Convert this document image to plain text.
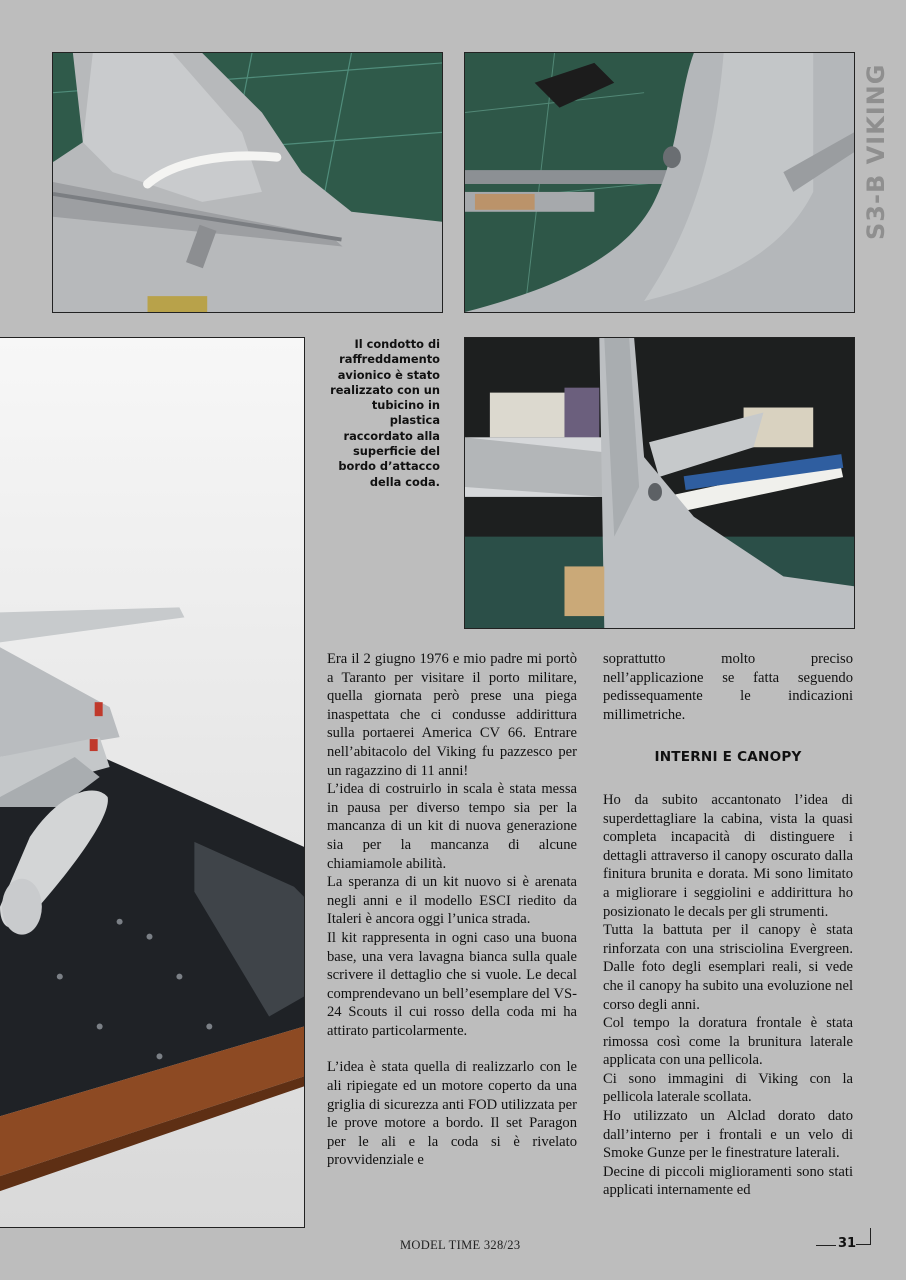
S3-B VIKING
Il condotto di raffreddamento avionico è stato realizzato con un tubicino in plastica raccordato alla superficie del bordo d’attacco della coda.

Era il 2 giugno 1976 e mio padre mi portò a Taranto per visitare il porto militare, quella giornata però prese una piega inaspettata che ci condusse addirittura sulla portaerei America CV 66. Entrare nell’abitacolo del Viking fu pazzesco per un ragazzino di 11 anni!

L’idea di costruirlo in scala è stata messa in pausa per diverso tempo sia per la mancanza di un kit di nuova generazione sia per la mancanza di alcune chiamiamole abilità.

La speranza di un kit nuovo si è arenata negli anni e il modello ESCI riedito da Italeri è ancora oggi l’unica strada.

Il kit rappresenta in ogni caso una buona base, una vera lavagna bianca sulla quale scrivere il dettaglio che si vuole. Le decal comprendevano un bell’esemplare del VS-24 Scouts il cui rosso della coda mi ha attirato particolarmente.

L’idea è stata quella di realizzarlo con le ali ripiegate ed un motore coperto da una griglia di sicurezza anti FOD utilizzata per le prove motore a bordo. Il set Paragon per le ali e la coda si è rivelato provvidenziale e

soprattutto molto preciso nell’applicazione se fatta seguendo pedissequamente le indicazioni millimetriche.

INTERNI E CANOPY

Ho da subito accantonato l’idea di superdettagliare la cabina, vista la quasi completa incapacità di distinguere i dettagli attraverso il canopy oscurato dalla finitura brunita e dorata. Mi sono limitato a migliorare i seggiolini e addirittura ho posizionato le decals per gli strumenti.

Tutta la battuta per il canopy è stata rinforzata con una strisciolina Evergreen. Dalle foto degli esemplari reali, si vede che il canopy ha subito una evoluzione nel corso degli anni.

Col tempo la doratura frontale è stata rimossa così come la brunitura laterale applicata con una pellicola.

Ci sono immagini di Viking con la pellicola laterale scollata.

Ho utilizzato un Alclad dorato dato dall’interno per i frontali e un velo di Smoke Gunze per le finestrature laterali.

Decine di piccoli miglioramenti sono stati applicati internamente ed

MODEL TIME 328/23	31
